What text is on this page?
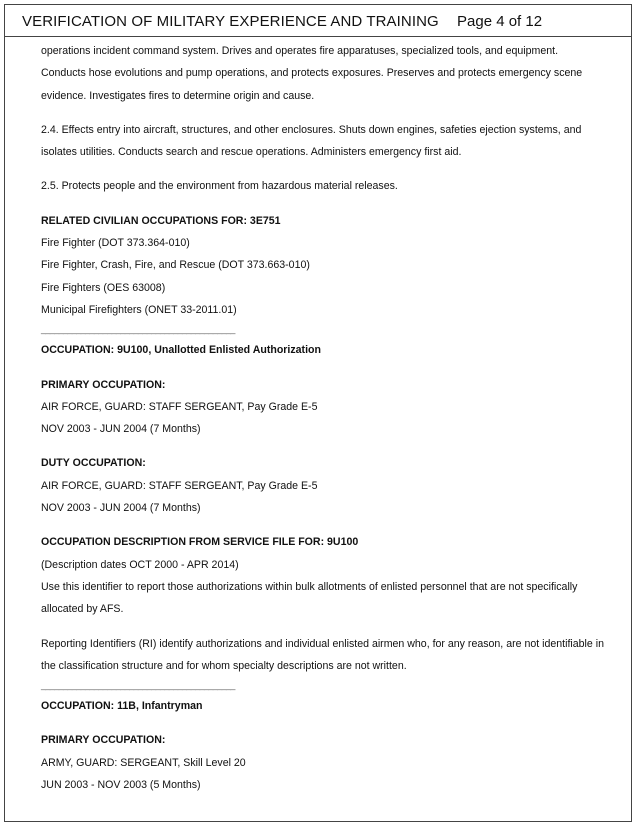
VERIFICATION OF MILITARY EXPERIENCE AND TRAINING Page 4 of 12

operations incident command system. Drives and operates fire apparatuses, specialized tools, and equipment.

Conducts hose evolutions and pump operations, and protects exposures. Preserves and protects emergency scene

evidence. Investigates fires to determine origin and cause.

2.4. Effects entry into aircraft, structures, and other enclosures. Shuts down engines, safeties ejection systems, and

isolates utilities. Conducts search and rescue operations. Administers emergency first aid.

2.5. Protects people and the environment from hazardous material releases.

RELATED CIVILIAN OCCUPATIONS FOR: 3E751

Fire Fighter (DOT 373.364-010)

Fire Fighter, Crash, Fire, and Rescue (DOT 373.663-010)

Fire Fighters (OES 63008)

Municipal Firefighters (ONET 33-2011.01)

____________________________________________

OCCUPATION: 9U100, Unallotted Enlisted Authorization

PRIMARY OCCUPATION:

AIR FORCE, GUARD: STAFF SERGEANT, Pay Grade E-5

NOV 2003 - JUN 2004 (7 Months)

DUTY OCCUPATION:

AIR FORCE, GUARD: STAFF SERGEANT, Pay Grade E-5

NOV 2003 - JUN 2004 (7 Months)

OCCUPATION DESCRIPTION FROM SERVICE FILE FOR: 9U100

(Description dates OCT 2000 - APR 2014)

Use this identifier to report those authorizations within bulk allotments of enlisted personnel that are not specifically

allocated by AFS.

Reporting Identifiers (RI) identify authorizations and individual enlisted airmen who, for any reason, are not identifiable in

the classification structure and for whom specialty descriptions are not written.

____________________________________________

OCCUPATION: 11B, Infantryman

PRIMARY OCCUPATION:

ARMY, GUARD: SERGEANT, Skill Level 20

JUN 2003 - NOV 2003 (5 Months)
